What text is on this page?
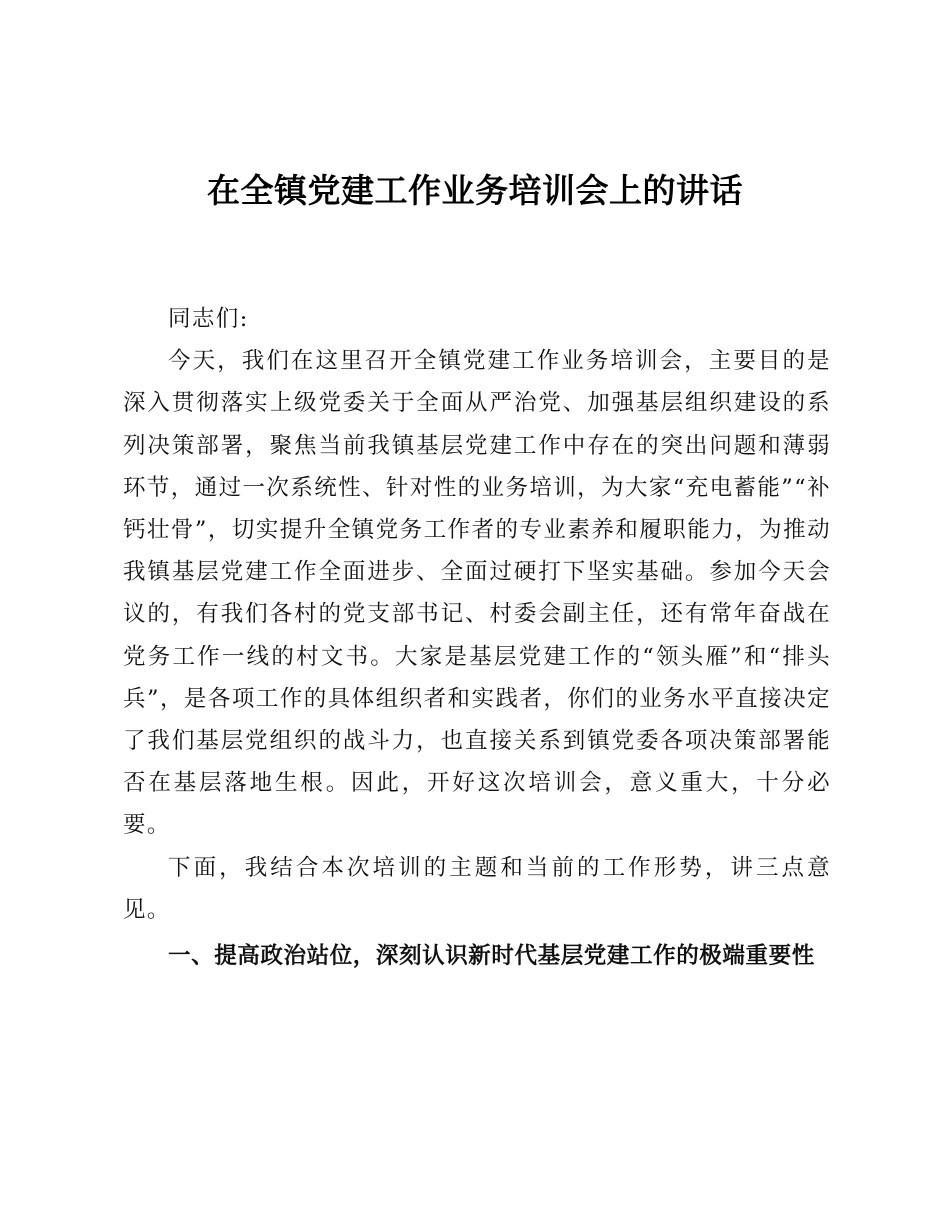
在全镇党建工作业务培训会上的讲话

同志们:

今天，我们在这里召开全镇党建工作业务培训会，主要目的是深入贯彻落实上级党委关于全面从严治党、加强基层组织建设的系列决策部署，聚焦当前我镇基层党建工作中存在的突出问题和薄弱环节，通过一次系统性、针对性的业务培训，为大家“充电蓄能”“补钙壮骨”，切实提升全镇党务工作者的专业素养和履职能力，为推动我镇基层党建工作全面进步、全面过硬打下坚实基础。参加今天会议的，有我们各村的党支部书记、村委会副主任，还有常年奋战在党务工作一线的村文书。大家是基层党建工作的“领头雁”和“排头兵”，是各项工作的具体组织者和实践者，你们的业务水平直接决定了我们基层党组织的战斗力，也直接关系到镇党委各项决策部署能否在基层落地生根。因此，开好这次培训会，意义重大，十分必要。

下面，我结合本次培训的主题和当前的工作形势，讲三点意见。

一、提高政治站位，深刻认识新时代基层党建工作的极端重要性
